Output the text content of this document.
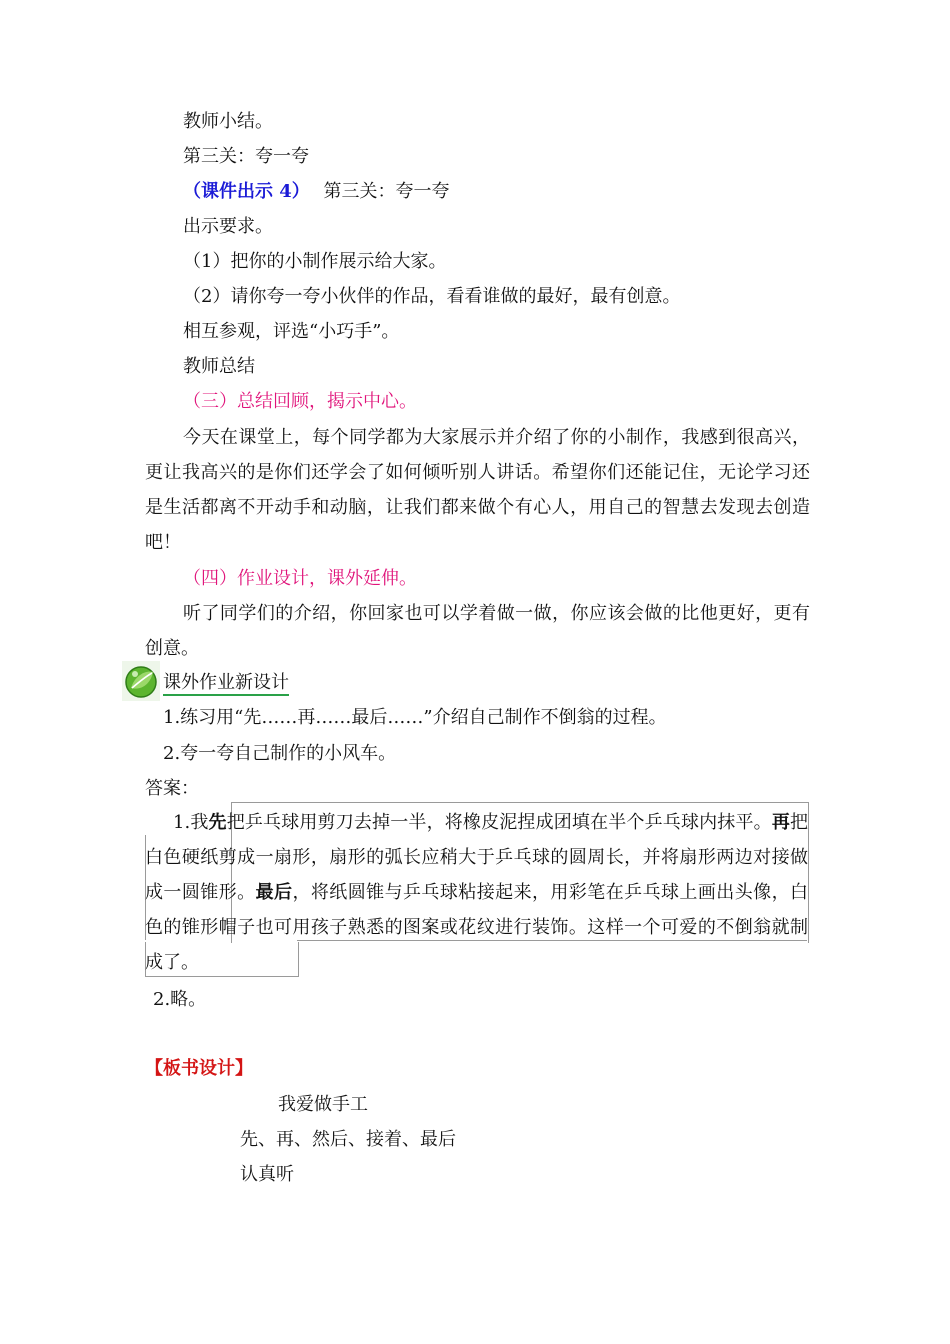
教师小结。
第三关：夸一夸
（课件出示 4） 第三关：夸一夸
出示要求。
（1）把你的小制作展示给大家。
（2）请你夸一夸小伙伴的作品，看看谁做的最好，最有创意。
相互参观，评选“小巧手”。
教师总结
（三）总结回顾，揭示中心。
今天在课堂上，每个同学都为大家展示并介绍了你的小制作，我感到很高兴，更让我高兴的是你们还学会了如何倾听别人讲话。希望你们还能记住，无论学习还是生活都离不开动手和动脑，让我们都来做个有心人，用自己的智慧去发现去创造吧！
（四）作业设计，课外延伸。
听了同学们的介绍，你回家也可以学着做一做，你应该会做的比他更好，更有创意。
课外作业新设计
1.练习用“先……再……最后……”介绍自己制作不倒翁的过程。
2.夸一夸自己制作的小风车。
答案：
1.我先把乒乓球用剪刀去掉一半，将橡皮泥捏成团填在半个乒乓球内抹平。再把白色硬纸剪成一扇形，扇形的弧长应稍大于乒乓球的圆周长，并将扇形两边对接做成一圆锥形。最后，将纸圆锥与乒乓球粘接起来，用彩笔在乒乓球上画出头像，白色的锥形帽子也可用孩子熟悉的图案或花纹进行装饰。这样一个可爱的不倒翁就制成了。
2.略。
【板书设计】
我爱做手工
先、再、然后、接着、最后
认真听
